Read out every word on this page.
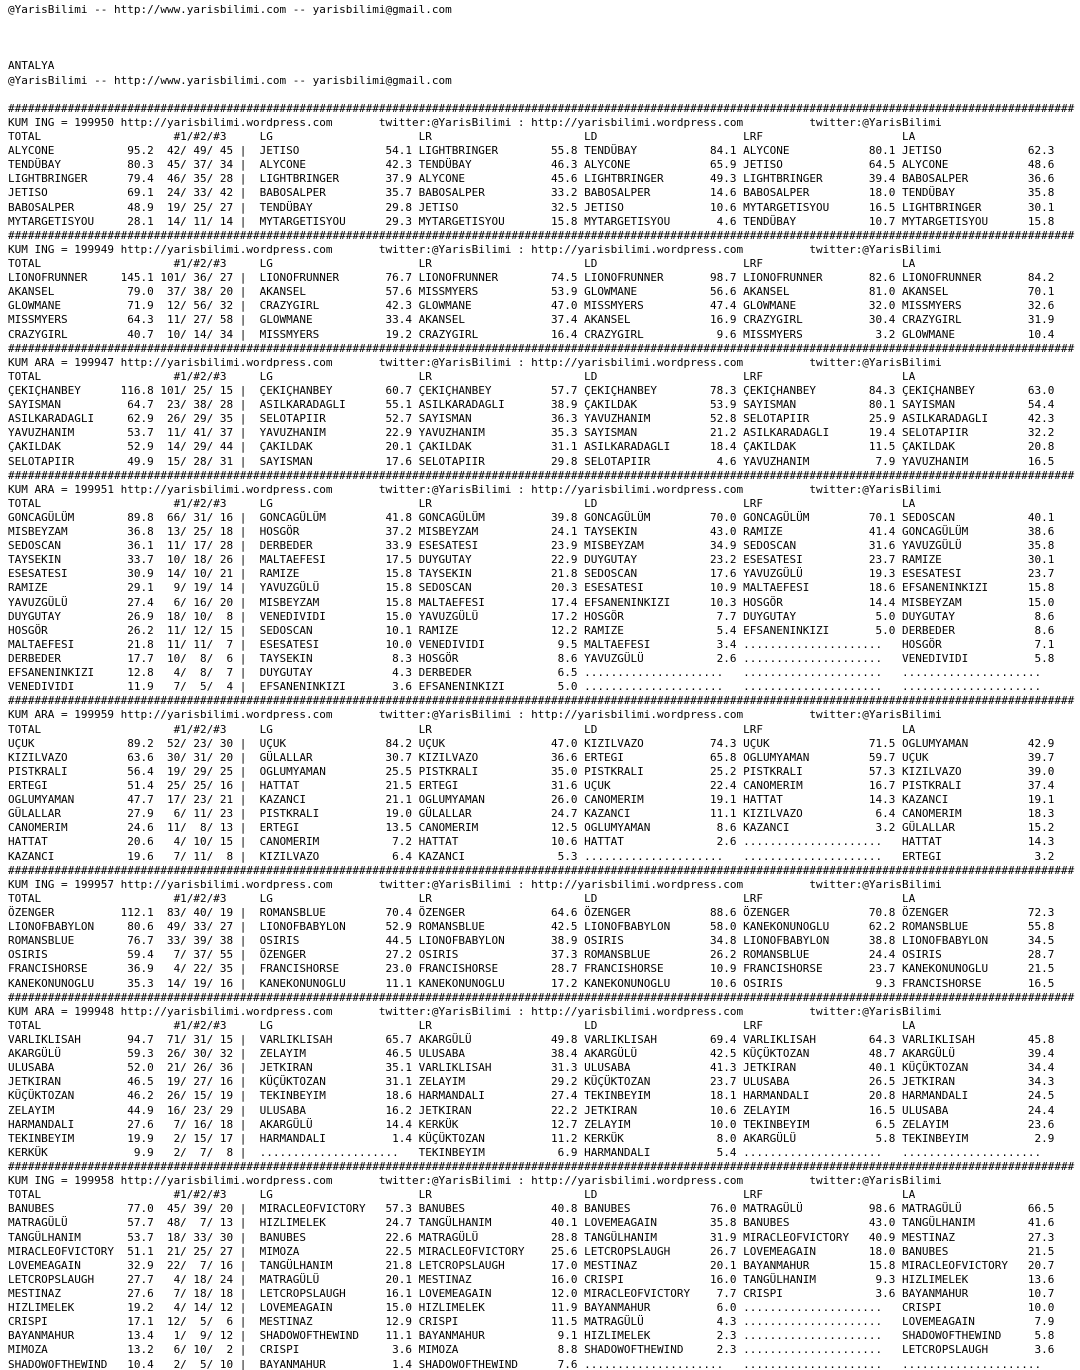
@YarisBilimi -- http://www.yarisbilimi.com -- yarisbilimi@gmail.com
ANTALYA
@YarisBilimi -- http://www.yarisbilimi.com -- yarisbilimi@gmail.com
#################################################################################################################################################################
KUM ING = 199950 http://yarisbilimi.wordpress.com       twitter:@YarisBilimi : http://yarisbilimi.wordpress.com          twitter:@YarisBilimi
TOTAL                    #1/#2/#3     LG                      LR                       LD                      LRF                     LA
ALYCONE           95.2  42/ 49/ 45 |  JETISO             54.1 LIGHTBRINGER        55.8 TENDÜBAY           84.1 ALYCONE            80.1 JETISO             62.3
TENDÜBAY          80.3  45/ 37/ 34 |  ALYCONE            42.3 TENDÜBAY            46.3 ALYCONE            65.9 JETISO             64.5 ALYCONE            48.6
LIGHTBRINGER      79.4  46/ 35/ 28 |  LIGHTBRINGER       37.9 ALYCONE             45.6 LIGHTBRINGER       49.3 LIGHTBRINGER       39.4 BABOSALPER         36.6
JETISO            69.1  24/ 33/ 42 |  BABOSALPER         35.7 BABOSALPER          33.2 BABOSALPER         14.6 BABOSALPER         18.0 TENDÜBAY           35.8
BABOSALPER        48.9  19/ 25/ 27 |  TENDÜBAY           29.8 JETISO              32.5 JETISO             10.6 MYTARGETISYOU      16.5 LIGHTBRINGER       30.1
MYTARGETISYOU     28.1  14/ 11/ 14 |  MYTARGETISYOU      29.3 MYTARGETISYOU       15.8 MYTARGETISYOU       4.6 TENDÜBAY           10.7 MYTARGETISYOU      15.8
#################################################################################################################################################################
KUM ING = 199949 http://yarisbilimi.wordpress.com       twitter:@YarisBilimi : http://yarisbilimi.wordpress.com          twitter:@YarisBilimi
TOTAL                    #1/#2/#3     LG                      LR                       LD                      LRF                     LA
LIONOFRUNNER     145.1 101/ 36/ 27 |  LIONOFRUNNER       76.7 LIONOFRUNNER        74.5 LIONOFRUNNER       98.7 LIONOFRUNNER       82.6 LIONOFRUNNER       84.2
AKANSEL           79.0  37/ 38/ 20 |  AKANSEL            57.6 MISSMYERS           53.9 GLOWMANE           56.6 AKANSEL            81.0 AKANSEL            70.1
GLOWMANE          71.9  12/ 56/ 32 |  CRAZYGIRL          42.3 GLOWMANE            47.0 MISSMYERS          47.4 GLOWMANE           32.0 MISSMYERS          32.6
MISSMYERS         64.3  11/ 27/ 58 |  GLOWMANE           33.4 AKANSEL             37.4 AKANSEL            16.9 CRAZYGIRL          30.4 CRAZYGIRL          31.9
CRAZYGIRL         40.7  10/ 14/ 34 |  MISSMYERS          19.2 CRAZYGIRL           16.4 CRAZYGIRL           9.6 MISSMYERS           3.2 GLOWMANE           10.4
#################################################################################################################################################################
KUM ARA = 199947 http://yarisbilimi.wordpress.com       twitter:@YarisBilimi : http://yarisbilimi.wordpress.com          twitter:@YarisBilimi
TOTAL                    #1/#2/#3     LG                      LR                       LD                      LRF                     LA
ÇEKIÇHANBEY      116.8 101/ 25/ 15 |  ÇEKIÇHANBEY        60.7 ÇEKIÇHANBEY         57.7 ÇEKIÇHANBEY        78.3 ÇEKIÇHANBEY        84.3 ÇEKIÇHANBEY        63.0
SAYISMAN          64.7  23/ 38/ 28 |  ASILKARADAGLI      55.1 ASILKARADAGLI       38.9 ÇAKILDAK           53.9 SAYISMAN           80.1 SAYISMAN           54.4
ASILKARADAGLI     62.9  26/ 29/ 35 |  SELOTAPIIR         52.7 SAYISMAN            36.3 YAVUZHANIM         52.8 SELOTAPIIR         25.9 ASILKARADAGLI      42.3
YAVUZHANIM        53.7  11/ 41/ 37 |  YAVUZHANIM         22.9 YAVUZHANIM          35.3 SAYISMAN           21.2 ASILKARADAGLI      19.4 SELOTAPIIR         32.2
ÇAKILDAK          52.9  14/ 29/ 44 |  ÇAKILDAK           20.1 ÇAKILDAK            31.1 ASILKARADAGLI      18.4 ÇAKILDAK           11.5 ÇAKILDAK           20.8
SELOTAPIIR        49.9  15/ 28/ 31 |  SAYISMAN           17.6 SELOTAPIIR          29.8 SELOTAPIIR          4.6 YAVUZHANIM          7.9 YAVUZHANIM         16.5
#################################################################################################################################################################
KUM ARA = 199951 http://yarisbilimi.wordpress.com       twitter:@YarisBilimi : http://yarisbilimi.wordpress.com          twitter:@YarisBilimi
TOTAL                    #1/#2/#3     LG                      LR                       LD                      LRF                     LA
GONCAGÜLÜM        89.8  66/ 31/ 16 |  GONCAGÜLÜM         41.8 GONCAGÜLÜM          39.8 GONCAGÜLÜM         70.0 GONCAGÜLÜM         70.1 SEDOSCAN           40.1
MISBEYZAM         36.8  13/ 25/ 18 |  HOSGÖR             37.2 MISBEYZAM           24.1 TAYSEKIN           43.0 RAMIZE             41.4 GONCAGÜLÜM         38.6
SEDOSCAN          36.1  11/ 17/ 28 |  DERBEDER           33.9 ESESATESI           23.9 MISBEYZAM          34.9 SEDOSCAN           31.6 YAVUZGÜLÜ          35.8
TAYSEKIN          33.7  10/ 18/ 26 |  MALTAEFESI         17.5 DUYGUTAY            22.9 DUYGUTAY           23.2 ESESATESI          23.7 RAMIZE             30.1
ESESATESI         30.9  14/ 10/ 21 |  RAMIZE             15.8 TAYSEKIN            21.8 SEDOSCAN           17.6 YAVUZGÜLÜ          19.3 ESESATESI          23.7
RAMIZE            29.1   9/ 19/ 14 |  YAVUZGÜLÜ          15.8 SEDOSCAN            20.3 ESESATESI          10.9 MALTAEFESI         18.6 EFSANENINKIZI      15.8
YAVUZGÜLÜ         27.4   6/ 16/ 20 |  MISBEYZAM          15.8 MALTAEFESI          17.4 EFSANENINKIZI      10.3 HOSGÖR             14.4 MISBEYZAM          15.0
DUYGUTAY          26.9  18/ 10/  8 |  VENEDIVIDI         15.0 YAVUZGÜLÜ           17.2 HOSGÖR              7.7 DUYGUTAY            5.0 DUYGUTAY            8.6
HOSGÖR            26.2  11/ 12/ 15 |  SEDOSCAN           10.1 RAMIZE              12.2 RAMIZE              5.4 EFSANENINKIZI       5.0 DERBEDER            8.6
MALTAEFESI        21.8  11/ 11/  7 |  ESESATESI          10.0 VENEDIVIDI           9.5 MALTAEFESI          3.4 .....................   HOSGÖR              7.1
DERBEDER          17.7  10/  8/  6 |  TAYSEKIN            8.3 HOSGÖR               8.6 YAVUZGÜLÜ           2.6 .....................   VENEDIVIDI          5.8
EFSANENINKIZI     12.8   4/  8/  7 |  DUYGUTAY            4.3 DERBEDER             6.5 .....................   .....................   .....................
VENEDIVIDI        11.9   7/  5/  4 |  EFSANENINKIZI       3.6 EFSANENINKIZI        5.0 .....................   .....................   .....................
#################################################################################################################################################################
KUM ARA = 199959 http://yarisbilimi.wordpress.com       twitter:@YarisBilimi : http://yarisbilimi.wordpress.com          twitter:@YarisBilimi
TOTAL                    #1/#2/#3     LG                      LR                       LD                      LRF                     LA
UÇUK              89.2  52/ 23/ 30 |  UÇUK               84.2 UÇUK                47.0 KIZILVAZO          74.3 UÇUK               71.5 OGLUMYAMAN         42.9
KIZILVAZO         63.6  30/ 31/ 20 |  GÜLALLAR           30.7 KIZILVAZO           36.6 ERTEGI             65.8 OGLUMYAMAN         59.7 UÇUK               39.7
PISTKRALI         56.4  19/ 29/ 25 |  OGLUMYAMAN         25.5 PISTKRALI           35.0 PISTKRALI          25.2 PISTKRALI          57.3 KIZILVAZO          39.0
ERTEGI            51.4  25/ 25/ 16 |  HATTAT             21.5 ERTEGI              31.6 UÇUK               22.4 CANOMERIM          16.7 PISTKRALI          37.4
OGLUMYAMAN        47.7  17/ 23/ 21 |  KAZANCI            21.1 OGLUMYAMAN          26.0 CANOMERIM          19.1 HATTAT             14.3 KAZANCI            19.1
GÜLALLAR          27.9   6/ 11/ 23 |  PISTKRALI          19.0 GÜLALLAR            24.7 KAZANCI            11.1 KIZILVAZO           6.4 CANOMERIM          18.3
CANOMERIM         24.6  11/  8/ 13 |  ERTEGI             13.5 CANOMERIM           12.5 OGLUMYAMAN          8.6 KAZANCI             3.2 GÜLALLAR           15.2
HATTAT            20.6   4/ 10/ 15 |  CANOMERIM           7.2 HATTAT              10.6 HATTAT              2.6 .....................   HATTAT             14.3
KAZANCI           19.6   7/ 11/  8 |  KIZILVAZO           6.4 KAZANCI              5.3 .....................   .....................   ERTEGI              3.2
#################################################################################################################################################################
KUM ING = 199957 http://yarisbilimi.wordpress.com       twitter:@YarisBilimi : http://yarisbilimi.wordpress.com          twitter:@YarisBilimi
TOTAL                    #1/#2/#3     LG                      LR                       LD                      LRF                     LA
ÖZENGER          112.1  83/ 40/ 19 |  ROMANSBLUE         70.4 ÖZENGER             64.6 ÖZENGER            88.6 ÖZENGER            70.8 ÖZENGER            72.3
LIONOFBABYLON     80.6  49/ 33/ 27 |  LIONOFBABYLON      52.9 ROMANSBLUE          42.5 LIONOFBABYLON      58.0 KANEKONUNOGLU      62.2 ROMANSBLUE         55.8
ROMANSBLUE        76.7  33/ 39/ 38 |  OSIRIS             44.5 LIONOFBABYLON       38.9 OSIRIS             34.8 LIONOFBABYLON      38.8 LIONOFBABYLON      34.5
OSIRIS            59.4   7/ 37/ 55 |  ÖZENGER            27.2 OSIRIS              37.3 ROMANSBLUE         26.2 ROMANSBLUE         24.4 OSIRIS             28.7
FRANCISHORSE      36.9   4/ 22/ 35 |  FRANCISHORSE       23.0 FRANCISHORSE        28.7 FRANCISHORSE       10.9 FRANCISHORSE       23.7 KANEKONUNOGLU      21.5
KANEKONUNOGLU     35.3  14/ 19/ 16 |  KANEKONUNOGLU      11.1 KANEKONUNOGLU       17.2 KANEKONUNOGLU      10.6 OSIRIS              9.3 FRANCISHORSE       16.5
#################################################################################################################################################################
KUM ARA = 199948 http://yarisbilimi.wordpress.com       twitter:@YarisBilimi : http://yarisbilimi.wordpress.com          twitter:@YarisBilimi
TOTAL                    #1/#2/#3     LG                      LR                       LD                      LRF                     LA
VARLIKLISAH       94.7  71/ 31/ 15 |  VARLIKLISAH        65.7 AKARGÜLÜ            49.8 VARLIKLISAH        69.4 VARLIKLISAH        64.3 VARLIKLISAH        45.8
AKARGÜLÜ          59.3  26/ 30/ 32 |  ZELAYIM            46.5 ULUSABA             38.4 AKARGÜLÜ           42.5 KÜÇÜKTOZAN         48.7 AKARGÜLÜ           39.4
ULUSABA           52.0  21/ 26/ 36 |  JETKIRAN           35.1 VARLIKLISAH         31.3 ULUSABA            41.3 JETKIRAN           40.1 KÜÇÜKTOZAN         34.4
JETKIRAN          46.5  19/ 27/ 16 |  KÜÇÜKTOZAN         31.1 ZELAYIM             29.2 KÜÇÜKTOZAN         23.7 ULUSABA            26.5 JETKIRAN           34.3
KÜÇÜKTOZAN        46.2  26/ 15/ 19 |  TEKINBEYIM         18.6 HARMANDALI          27.4 TEKINBEYIM         18.1 HARMANDALI         20.8 HARMANDALI         24.5
ZELAYIM           44.9  16/ 23/ 29 |  ULUSABA            16.2 JETKIRAN            22.2 JETKIRAN           10.6 ZELAYIM            16.5 ULUSABA            24.4
HARMANDALI        27.6   7/ 16/ 18 |  AKARGÜLÜ           14.4 KERKÜK              12.7 ZELAYIM            10.0 TEKINBEYIM          6.5 ZELAYIM            23.6
TEKINBEYIM        19.9   2/ 15/ 17 |  HARMANDALI          1.4 KÜÇÜKTOZAN          11.2 KERKÜK              8.0 AKARGÜLÜ            5.8 TEKINBEYIM          2.9
KERKÜK             9.9   2/  7/  8 |  .....................   TEKINBEYIM           6.9 HARMANDALI          5.4 .....................   .....................
#################################################################################################################################################################
KUM ING = 199958 http://yarisbilimi.wordpress.com       twitter:@YarisBilimi : http://yarisbilimi.wordpress.com          twitter:@YarisBilimi
TOTAL                    #1/#2/#3     LG                      LR                       LD                      LRF                     LA
BANUBES           77.0  45/ 39/ 20 |  MIRACLEOFVICTORY   57.3 BANUBES             40.8 BANUBES            76.0 MATRAGÜLÜ          98.6 MATRAGÜLÜ          66.5
MATRAGÜLÜ         57.7  48/  7/ 13 |  HIZLIMELEK         24.7 TANGÜLHANIM         40.1 LOVEMEAGAIN        35.8 BANUBES            43.0 TANGÜLHANIM        41.6
TANGÜLHANIM       53.7  18/ 33/ 30 |  BANUBES            22.6 MATRAGÜLÜ           28.8 TANGÜLHANIM        31.9 MIRACLEOFVICTORY   40.9 MESTINAZ           27.3
MIRACLEOFVICTORY  51.1  21/ 25/ 27 |  MIMOZA             22.5 MIRACLEOFVICTORY    25.6 LETCROPSLAUGH      26.7 LOVEMEAGAIN        18.0 BANUBES            21.5
LOVEMEAGAIN       32.9  22/  7/ 16 |  TANGÜLHANIM        21.8 LETCROPSLAUGH       17.0 MESTINAZ           20.1 BAYANMAHUR         15.8 MIRACLEOFVICTORY   20.7
LETCROPSLAUGH     27.7   4/ 18/ 24 |  MATRAGÜLÜ          20.1 MESTINAZ            16.0 CRISPI             16.0 TANGÜLHANIM         9.3 HIZLIMELEK         13.6
MESTINAZ          27.6   7/ 18/ 18 |  LETCROPSLAUGH      16.1 LOVEMEAGAIN         12.0 MIRACLEOFVICTORY    7.7 CRISPI              3.6 BAYANMAHUR         10.7
HIZLIMELEK        19.2   4/ 14/ 12 |  LOVEMEAGAIN        15.0 HIZLIMELEK          11.9 BAYANMAHUR          6.0 .....................   CRISPI             10.0
CRISPI            17.1  12/  5/  6 |  MESTINAZ           12.9 CRISPI              11.5 MATRAGÜLÜ           4.3 .....................   LOVEMEAGAIN         7.9
BAYANMAHUR        13.4   1/  9/ 12 |  SHADOWOFTHEWIND    11.1 BAYANMAHUR           9.1 HIZLIMELEK          2.3 .....................   SHADOWOFTHEWIND     5.8
MIMOZA            13.2   6/ 10/  2 |  CRISPI              3.6 MIMOZA               8.8 SHADOWOFTHEWIND     2.3 .....................   LETCROPSLAUGH       3.6
SHADOWOFTHEWIND   10.4   2/  5/ 10 |  BAYANMAHUR          1.4 SHADOWOFTHEWIND      7.6 .....................   .....................   .....................
